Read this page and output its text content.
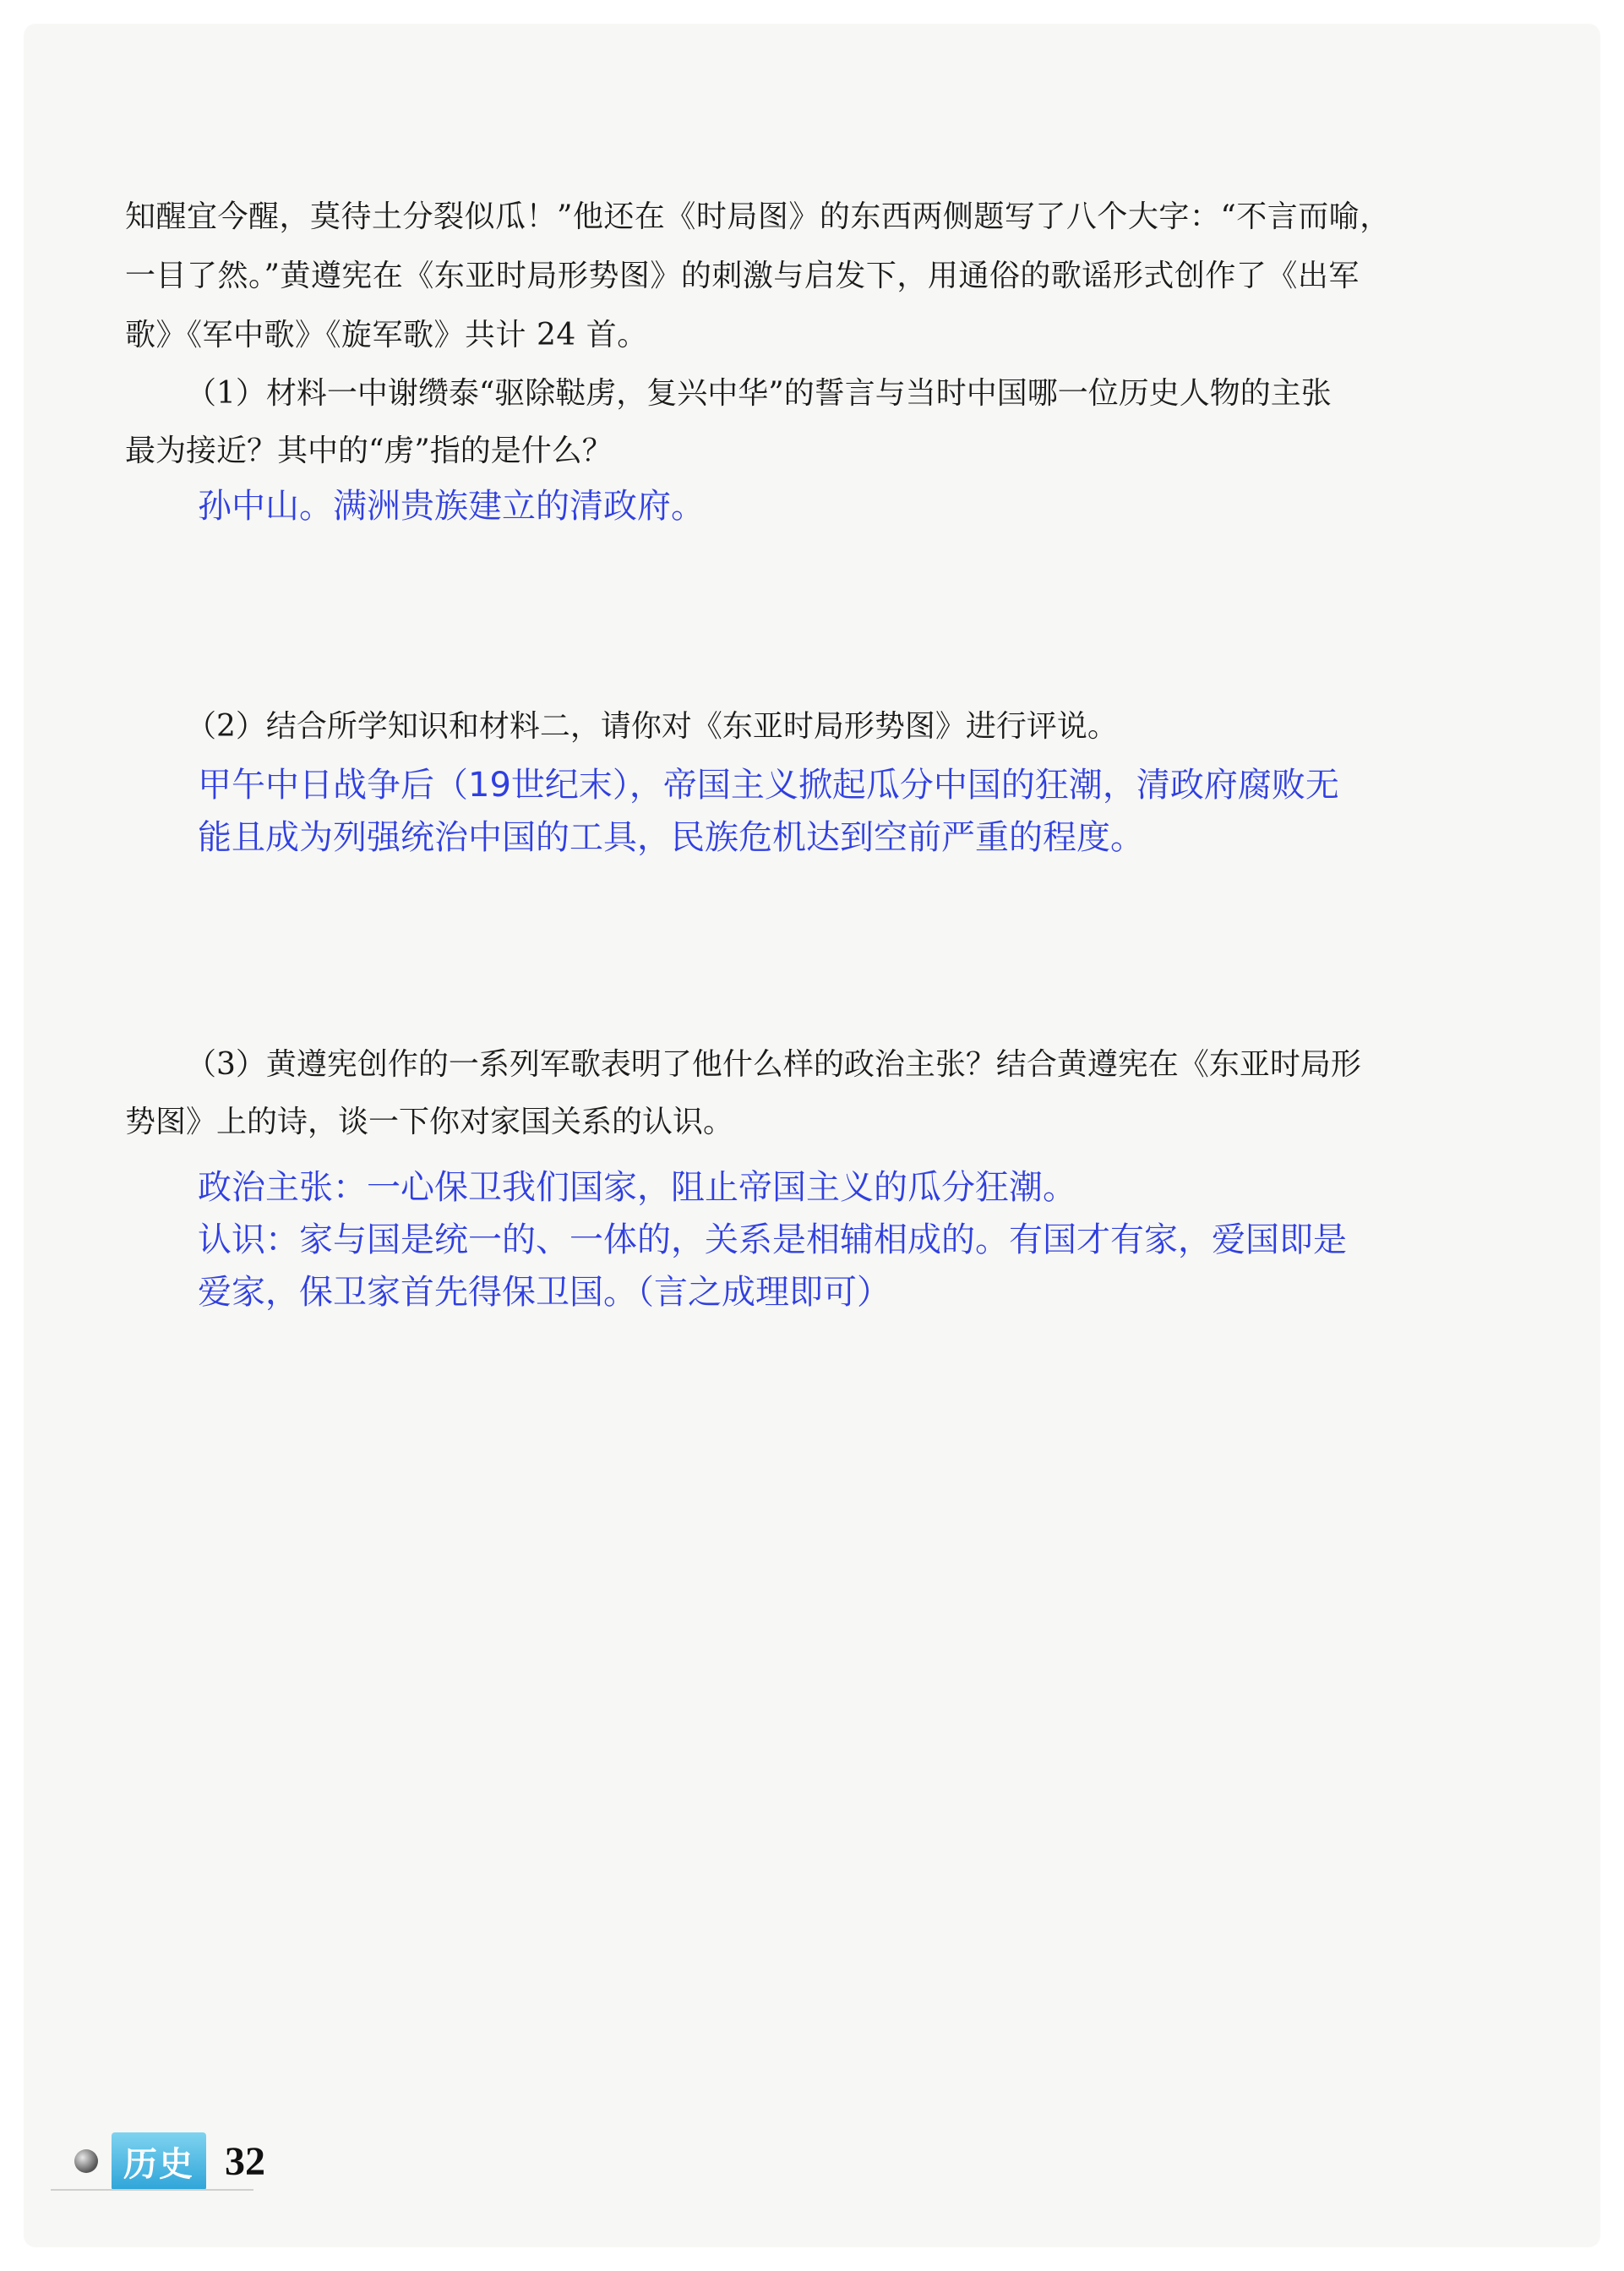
知醒宜今醒，莫待土分裂似瓜！”他还在《时局图》的东西两侧题写了八个大字：“不言而喻，
一目了然。”黄遵宪在《东亚时局形势图》的刺激与启发下，用通俗的歌谣形式创作了《出军
歌》《军中歌》《旋军歌》共计 24 首。
（1）材料一中谢缵泰“驱除鞑虏，复兴中华”的誓言与当时中国哪一位历史人物的主张
最为接近？其中的“虏”指的是什么？
孙中山。满洲贵族建立的清政府。
（2）结合所学知识和材料二，请你对《东亚时局形势图》进行评说。
甲午中日战争后（19世纪末），帝国主义掀起瓜分中国的狂潮，清政府腐败无
能且成为列强统治中国的工具，民族危机达到空前严重的程度。
（3）黄遵宪创作的一系列军歌表明了他什么样的政治主张？结合黄遵宪在《东亚时局形
势图》上的诗，谈一下你对家国关系的认识。
政治主张：一心保卫我们国家，阻止帝国主义的瓜分狂潮。
认识：家与国是统一的、一体的，关系是相辅相成的。有国才有家，爱国即是
爱家，保卫家首先得保卫国。（言之成理即可）
历史 32
